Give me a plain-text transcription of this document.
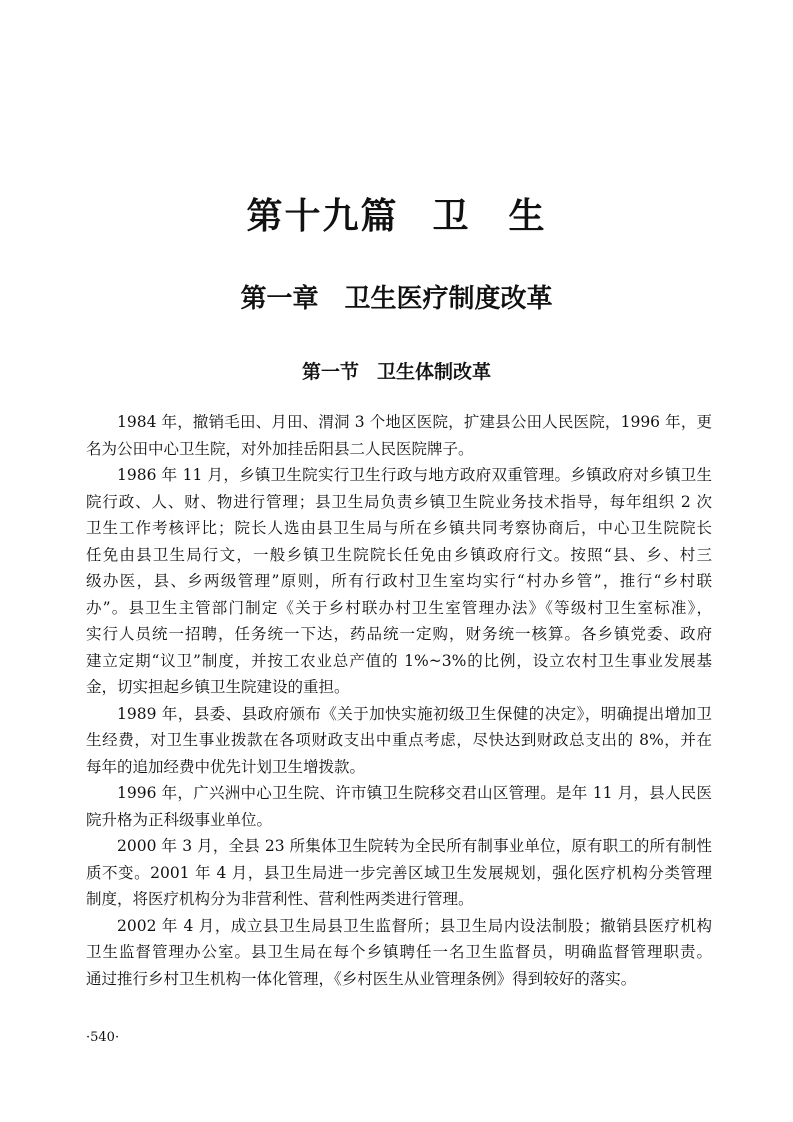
第十九篇 卫　生
第一章 卫生医疗制度改革
第一节 卫生体制改革
1984 年，撤销毛田、月田、渭洞 3 个地区医院，扩建县公田人民医院，1996 年，更
名为公田中心卫生院，对外加挂岳阳县二人民医院牌子。
1986 年 11 月，乡镇卫生院实行卫生行政与地方政府双重管理。乡镇政府对乡镇卫生
院行政、人、财、物进行管理；县卫生局负责乡镇卫生院业务技术指导，每年组织 2 次
卫生工作考核评比；院长人选由县卫生局与所在乡镇共同考察协商后，中心卫生院院长
任免由县卫生局行文，一般乡镇卫生院院长任免由乡镇政府行文。按照“县、乡、村三
级办医，县、乡两级管理”原则，所有行政村卫生室均实行“村办乡管”，推行“乡村联
办”。县卫生主管部门制定《关于乡村联办村卫生室管理办法》《等级村卫生室标准》，
实行人员统一招聘，任务统一下达，药品统一定购，财务统一核算。各乡镇党委、政府
建立定期“议卫”制度，并按工农业总产值的 1%~3%的比例，设立农村卫生事业发展基
金，切实担起乡镇卫生院建设的重担。
1989 年，县委、县政府颁布《关于加快实施初级卫生保健的决定》，明确提出增加卫
生经费，对卫生事业拨款在各项财政支出中重点考虑，尽快达到财政总支出的 8%，并在
每年的追加经费中优先计划卫生增拨款。
1996 年，广兴洲中心卫生院、许市镇卫生院移交君山区管理。是年 11 月，县人民医
院升格为正科级事业单位。
2000 年 3 月，全县 23 所集体卫生院转为全民所有制事业单位，原有职工的所有制性
质不变。2001 年 4 月，县卫生局进一步完善区域卫生发展规划，强化医疗机构分类管理
制度，将医疗机构分为非营利性、营利性两类进行管理。
2002 年 4 月，成立县卫生局县卫生监督所；县卫生局内设法制股；撤销县医疗机构
卫生监督管理办公室。县卫生局在每个乡镇聘任一名卫生监督员，明确监督管理职责。
通过推行乡村卫生机构一体化管理，《乡村医生从业管理条例》得到较好的落实。
·540·
